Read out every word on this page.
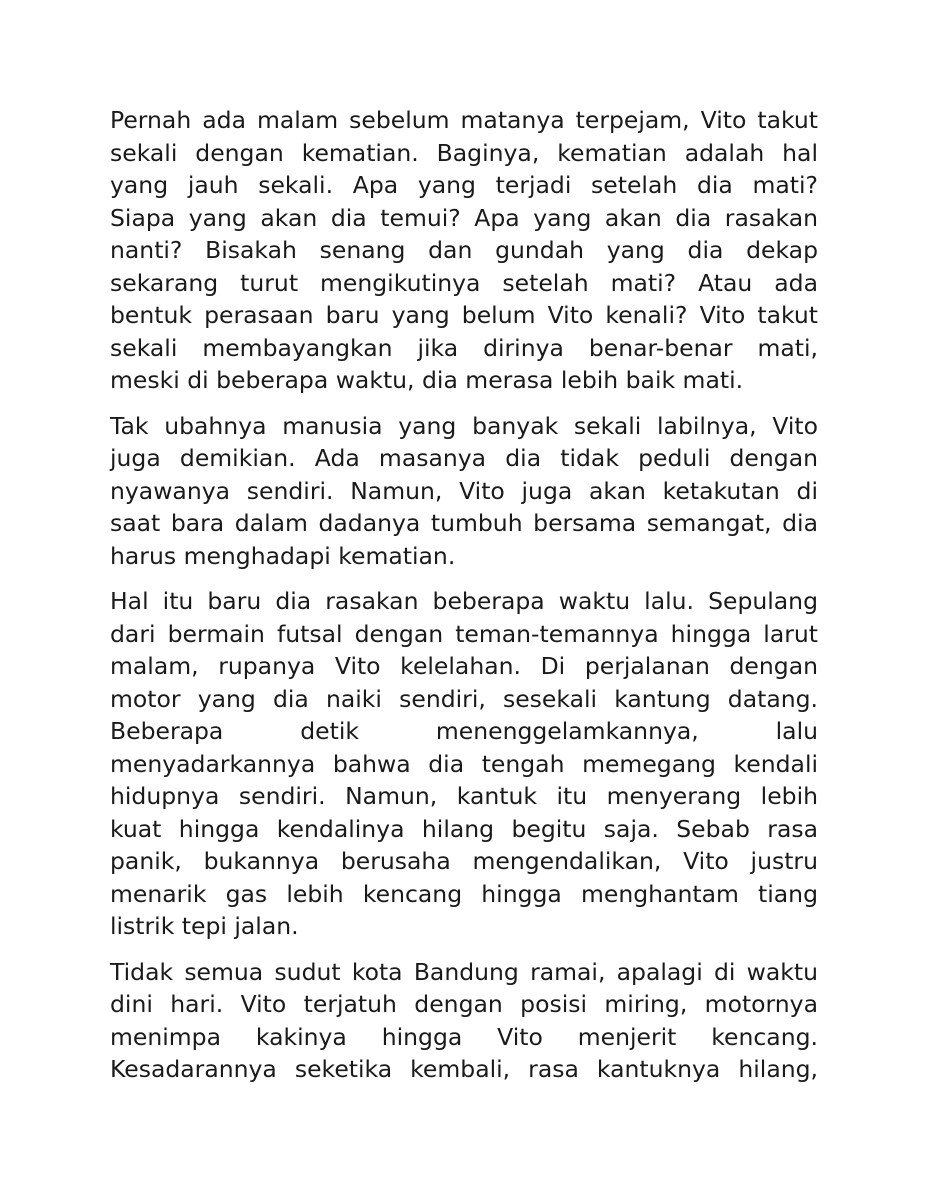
Pernah ada malam sebelum matanya terpejam, Vito takut
sekali dengan kematian. Baginya, kematian adalah hal
yang jauh sekali. Apa yang terjadi setelah dia mati?
Siapa yang akan dia temui? Apa yang akan dia rasakan
nanti? Bisakah senang dan gundah yang dia dekap
sekarang turut mengikutinya setelah mati? Atau ada
bentuk perasaan baru yang belum Vito kenali? Vito takut
sekali membayangkan jika dirinya benar-benar mati,
meski di beberapa waktu, dia merasa lebih baik mati.
Tak ubahnya manusia yang banyak sekali labilnya, Vito
juga demikian. Ada masanya dia tidak peduli dengan
nyawanya sendiri. Namun, Vito juga akan ketakutan di
saat bara dalam dadanya tumbuh bersama semangat, dia
harus menghadapi kematian.
Hal itu baru dia rasakan beberapa waktu lalu. Sepulang
dari bermain futsal dengan teman-temannya hingga larut
malam, rupanya Vito kelelahan. Di perjalanan dengan
motor yang dia naiki sendiri, sesekali kantung datang.
Beberapa detik menenggelamkannya, lalu
menyadarkannya bahwa dia tengah memegang kendali
hidupnya sendiri. Namun, kantuk itu menyerang lebih
kuat hingga kendalinya hilang begitu saja. Sebab rasa
panik, bukannya berusaha mengendalikan, Vito justru
menarik gas lebih kencang hingga menghantam tiang
listrik tepi jalan.
Tidak semua sudut kota Bandung ramai, apalagi di waktu
dini hari. Vito terjatuh dengan posisi miring, motornya
menimpa kakinya hingga Vito menjerit kencang.
Kesadarannya seketika kembali, rasa kantuknya hilang,
